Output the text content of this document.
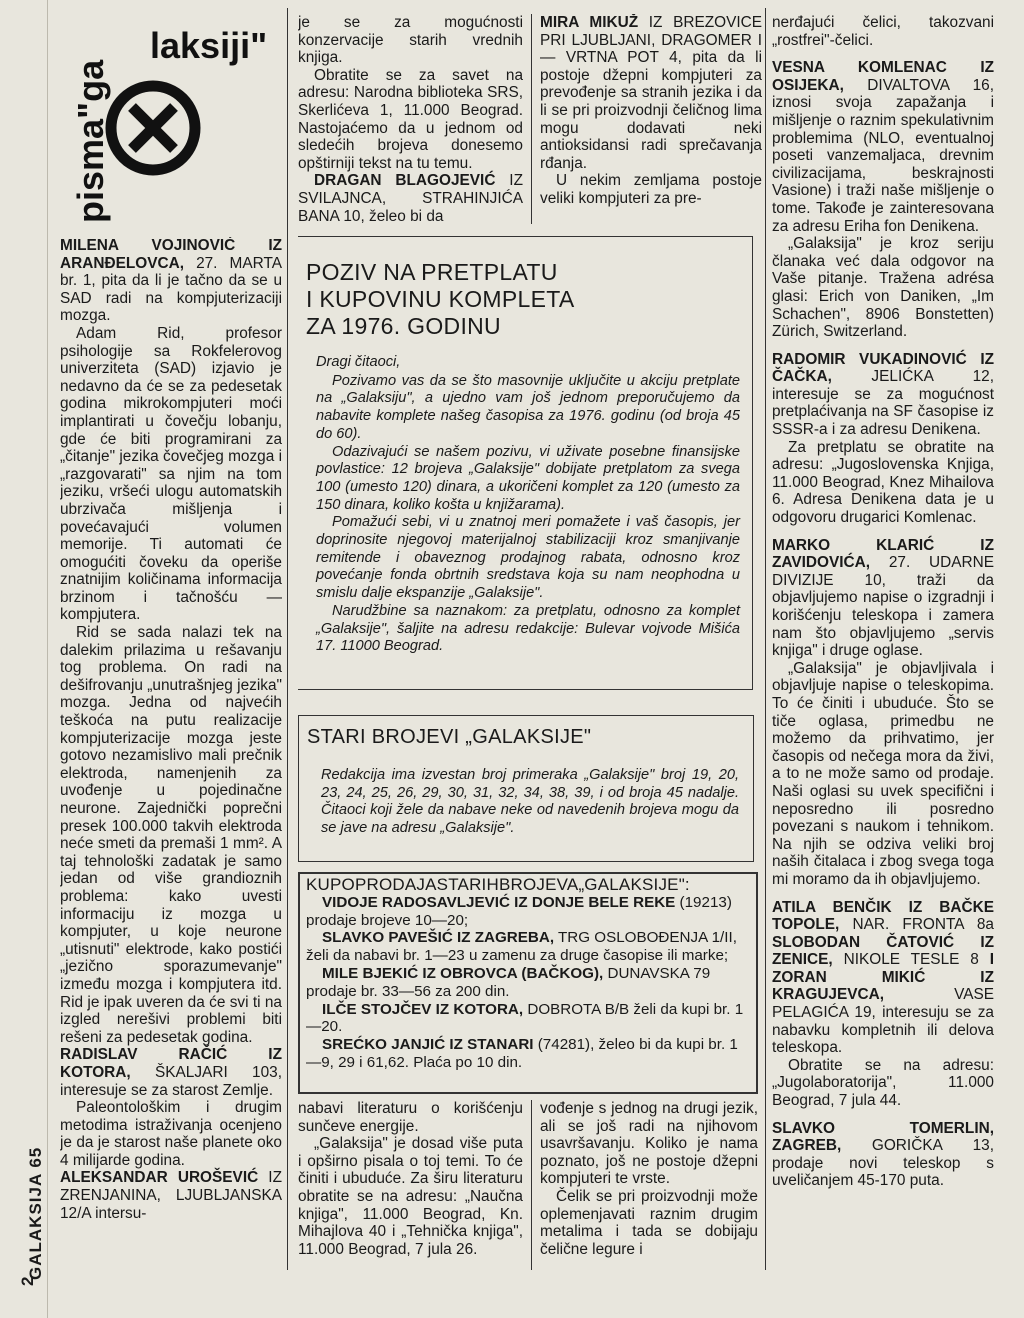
laksiji"
pisma"ga
GALAKSIJA 65
2

MILENA VOJINOVIĆ IZ ARANĐELOVCA, 27. MARTA br. 1, pita da li je tačno da se u SAD radi na kompjuterizaciji mozga.

Adam Rid, profesor psihologije sa Rokfelerovog univerziteta (SAD) izjavio je nedavno da će se za pedesetak godina mikrokompjuteri moći implantirati u čovečju lobanju, gde će biti programirani za „čitanje" jezika čovečjeg mozga i „razgovarati" sa njim na tom jeziku, vršeći ulogu automatskih ubrzivača mišljenja i povećavajući volumen memorije. Ti automati će omogućiti čoveku da operiše znatnijim količinama informacija brzinom i tačnošću — kompjutera.

Rid se sada nalazi tek na dalekim prilazima u rešavanju tog problema. On radi na dešifrovanju „unutrašnjeg jezika" mozga. Jedna od najvećih teškoća na putu realizacije kompjuterizacije mozga jeste gotovo nezamislivo mali prečnik elektroda, namenjenih za uvođenje u pojedinačne neurone. Zajednički poprečni presek 100.000 takvih elektroda neće smeti da premaši 1 mm². A taj tehnološki zadatak je samo jedan od više grandioznih problema: kako uvesti informaciju iz mozga u kompjuter, u koje neurone „utisnuti" elektrode, kako postići „jezično sporazumevanje" između mozga i kompjutera itd. Rid je ipak uveren da će svi ti na izgled nerešivi problemi biti rešeni za pedesetak godina.

RADISLAV RAČIĆ IZ KOTORA, ŠKALJARI 103, interesuje se za starost Zemlje.

Paleontološkim i drugim metodima istraživanja ocenjeno je da je starost naše planete oko 4 milijarde godina.

ALEKSANDAR UROŠEVIĆ IZ ZRENJANINA, LJUBLJANSKA 12/A intersu-

je se za mogućnosti konzervacije starih vrednih knjiga.

Obratite se za savet na adresu: Narodna biblioteka SRS, Skerlićeva 1, 11.000 Beograd. Nastojaćemo da u jednom od sledećih brojeva donesemo opštirniji tekst na tu temu.

DRAGAN BLAGOJEVIĆ IZ SVILAJNCA, STRAHINJIĆA BANA 10, želeo bi da

MIRA MIKUŽ IZ BREZOVICE PRI LJUBLJANI, DRAGOMER I — VRTNA POT 4, pita da li postoje džepni kompjuteri za prevođenje sa stranih jezika i da li se pri proizvodnji čeličnog lima mogu dodavati neki antioksidansi radi sprečavanja rđanja.

U nekim zemljama postoje veliki kompjuteri za pre-

POZIV NA PRETPLATU
I KUPOVINU KOMPLETA
ZA 1976. GODINU

Dragi čitaoci,

Pozivamo vas da se što masovnije uključite u akciju pretplate na „Galaksiju", a ujedno vam još jednom preporučujemo da nabavite komplete našeg časopisa za 1976. godinu (od broja 45 do 60).

Odazivajući se našem pozivu, vi uživate posebne finansijske povlastice: 12 brojeva „Galaksije" dobijate pretplatom za svega 100 (umesto 120) dinara, a ukoričeni komplet za 120 (umesto za 150 dinara, koliko košta u knjižarama).

Pomažući sebi, vi u znatnoj meri pomažete i vaš časopis, jer doprinosite njegovoj materijalnoj stabilizaciji kroz smanjivanje remitende i obaveznog prodajnog rabata, odnosno kroz povećanje fonda obrtnih sredstava koja su nam neophodna u smislu dalje ekspanzije „Galaksije".

Narudžbine sa naznakom: za pretplatu, odnosno za komplet „Galaksije", šaljite na adresu redakcije: Bulevar vojvode Mišića 17. 11000 Beograd.

STARI BROJEVI „GALAKSIJE"

Redakcija ima izvestan broj primeraka „Galaksije" broj 19, 20, 23, 24, 25, 26, 29, 30, 31, 32, 34, 38, 39, i od broja 45 nadalje. Čitaoci koji žele da nabave neke od navedenih brojeva mogu da se jave na adresu „Galaksije".

KUPOPRODAJASTARIHBROJEVA„GALAKSIJE":

VIDOJE RADOSAVLJEVIĆ IZ DONJE BELE REKE (19213) prodaje brojeve 10—20;

SLAVKO PAVEŠIĆ IZ ZAGREBA, TRG OSLOBOĐENJA 1/II, želi da nabavi br. 1—23 u zamenu za druge časopise ili marke;

MILE BJEKIĆ IZ OBROVCA (BAČKOG), DUNAVSKA 79 prodaje br. 33—56 za 200 din.

ILČE STOJČEV IZ KOTORA, DOBROTA B/B želi da kupi br. 1—20.

SREĆKO JANJIĆ IZ STANARI (74281), želeo bi da kupi br. 1—9, 29 i 61,62. Plaća po 10 din.

nabavi literaturu o korišćenju sunčeve energije.

„Galaksija" je dosad više puta i opširno pisala o toj temi. To će činiti i ubuduće. Za širu literaturu obratite se na adresu: „Naučna knjiga", 11.000 Beograd, Kn. Mihajlova 40 i „Tehnička knjiga", 11.000 Beograd, 7 jula 26.

vođenje s jednog na drugi jezik, ali se još radi na njihovom usavršavanju. Koliko je nama poznato, još ne postoje džepni kompjuteri te vrste.

Čelik se pri proizvodnji može oplemenjavati raznim drugim metalima i tada se dobijaju čelične legure i

nerđajući čelici, takozvani „rostfrei"-čelici.

VESNA KOMLENAC IZ OSIJEKA, DIVALTOVA 16, iznosi svoja zapažanja i mišljenje o raznim spekulativnim problemima (NLO, eventualnoj poseti vanzemaljaca, drevnim civilizacijama, beskrajnosti Vasione) i traži naše mišljenje o tome. Takođe je zainteresovana za adresu Eriha fon Denikena.

„Galaksija" je kroz seriju članaka već dala odgovor na Vaše pitanje. Tražena adrésa glasi: Erich von Daniken, „Im Schachen", 8906 Bonstetten) Zürich, Switzerland.

RADOMIR VUKADINOVIĆ IZ ČAČKA, JELIĆKA 12, interesuje se za mogućnost pretplaćivanja na SF časopise iz SSSR-a i za adresu Denikena.

Za pretplatu se obratite na adresu: „Jugoslovenska Knjiga, 11.000 Beograd, Knez Mihailova 6. Adresa Denikena data je u odgovoru drugarici Komlenac.

MARKO KLARIĆ IZ ZAVIDOVIĆA, 27. UDARNE DIVIZIJE 10, traži da objavljujemo napise o izgradnji i korišćenju teleskopa i zamera nam što objavljujemo „servis knjiga" i druge oglase.

„Galaksija" je objavljivala i objavljuje napise o teleskopima. To će činiti i ubuduće. Što se tiče oglasa, primedbu ne možemo da prihvatimo, jer časopis od nečega mora da živi, a to ne može samo od prodaje. Naši oglasi su uvek specifični i neposredno ili posredno povezani s naukom i tehnikom. Na njih se odziva veliki broj naših čitalaca i zbog svega toga mi moramo da ih objavljujemo.

ATILA BENČIK IZ BAČKE TOPOLE, NAR. FRONTA 8a SLOBODAN ČATOVIĆ IZ ZENICE, NIKOLE TESLE 8 I ZORAN MIKIĆ IZ KRAGUJEVCA, VASE PELAGIĆA 19, interesuju se za nabavku kompletnih ili delova teleskopa.

Obratite se na adresu: „Jugolaboratorija", 11.000 Beograd, 7 jula 44.

SLAVKO TOMERLIN, ZAGREB, GORIČKA 13, prodaje novi teleskop s uveličanjem 45-170 puta.
